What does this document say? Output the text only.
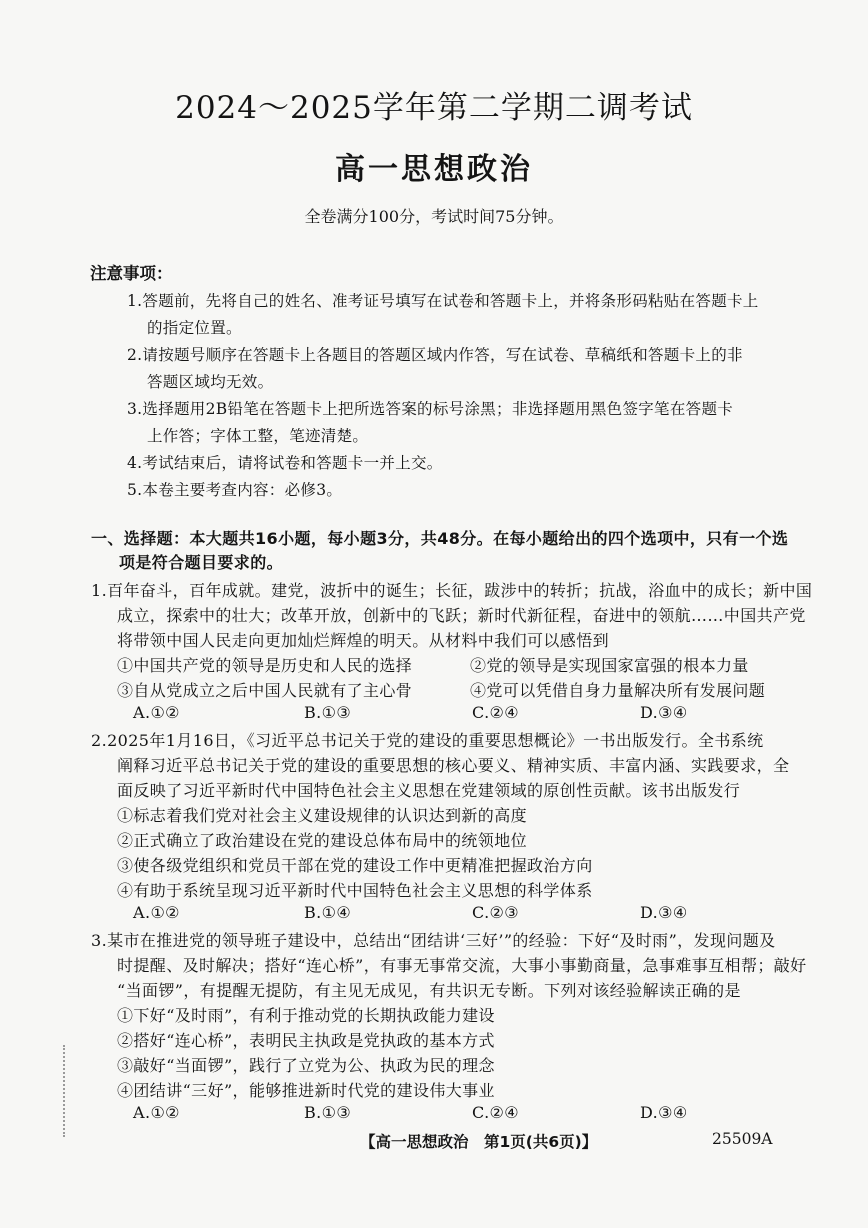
2024～2025学年第二学期二调考试
高一思想政治
全卷满分100分，考试时间75分钟。
注意事项：
1.答题前，先将自己的姓名、准考证号填写在试卷和答题卡上，并将条形码粘贴在答题卡上
的指定位置。
2.请按题号顺序在答题卡上各题目的答题区域内作答，写在试卷、草稿纸和答题卡上的非
答题区域均无效。
3.选择题用2B铅笔在答题卡上把所选答案的标号涂黑；非选择题用黑色签字笔在答题卡
上作答；字体工整，笔迹清楚。
4.考试结束后，请将试卷和答题卡一并上交。
5.本卷主要考查内容：必修3。
一、选择题：本大题共16小题，每小题3分，共48分。在每小题给出的四个选项中，只有一个选
项是符合题目要求的。
1.百年奋斗，百年成就。建党，波折中的诞生；长征，跋涉中的转折；抗战，浴血中的成长；新中国
成立，探索中的壮大；改革开放，创新中的飞跃；新时代新征程，奋进中的领航……中国共产党
将带领中国人民走向更加灿烂辉煌的明天。从材料中我们可以感悟到
①中国共产党的领导是历史和人民的选择	②党的领导是实现国家富强的根本力量
③自从党成立之后中国人民就有了主心骨	④党可以凭借自身力量解决所有发展问题
A.①②	B.①③	C.②④	D.③④
2.2025年1月16日，《习近平总书记关于党的建设的重要思想概论》一书出版发行。全书系统
阐释习近平总书记关于党的建设的重要思想的核心要义、精神实质、丰富内涵、实践要求，全
面反映了习近平新时代中国特色社会主义思想在党建领域的原创性贡献。该书出版发行
①标志着我们党对社会主义建设规律的认识达到新的高度
②正式确立了政治建设在党的建设总体布局中的统领地位
③使各级党组织和党员干部在党的建设工作中更精准把握政治方向
④有助于系统呈现习近平新时代中国特色社会主义思想的科学体系
A.①②	B.①④	C.②③	D.③④
3.某市在推进党的领导班子建设中，总结出“团结讲‘三好’”的经验：下好“及时雨”，发现问题及
时提醒、及时解决；搭好“连心桥”，有事无事常交流，大事小事勤商量，急事难事互相帮；敲好
“当面锣”，有提醒无提防，有主见无成见，有共识无专断。下列对该经验解读正确的是
①下好“及时雨”，有利于推动党的长期执政能力建设
②搭好“连心桥”，表明民主执政是党执政的基本方式
③敲好“当面锣”，践行了立党为公、执政为民的理念
④团结讲“三好”，能够推进新时代党的建设伟大事业
A.①②	B.①③	C.②④	D.③④
【高一思想政治　第1页(共6页)】	25509A
